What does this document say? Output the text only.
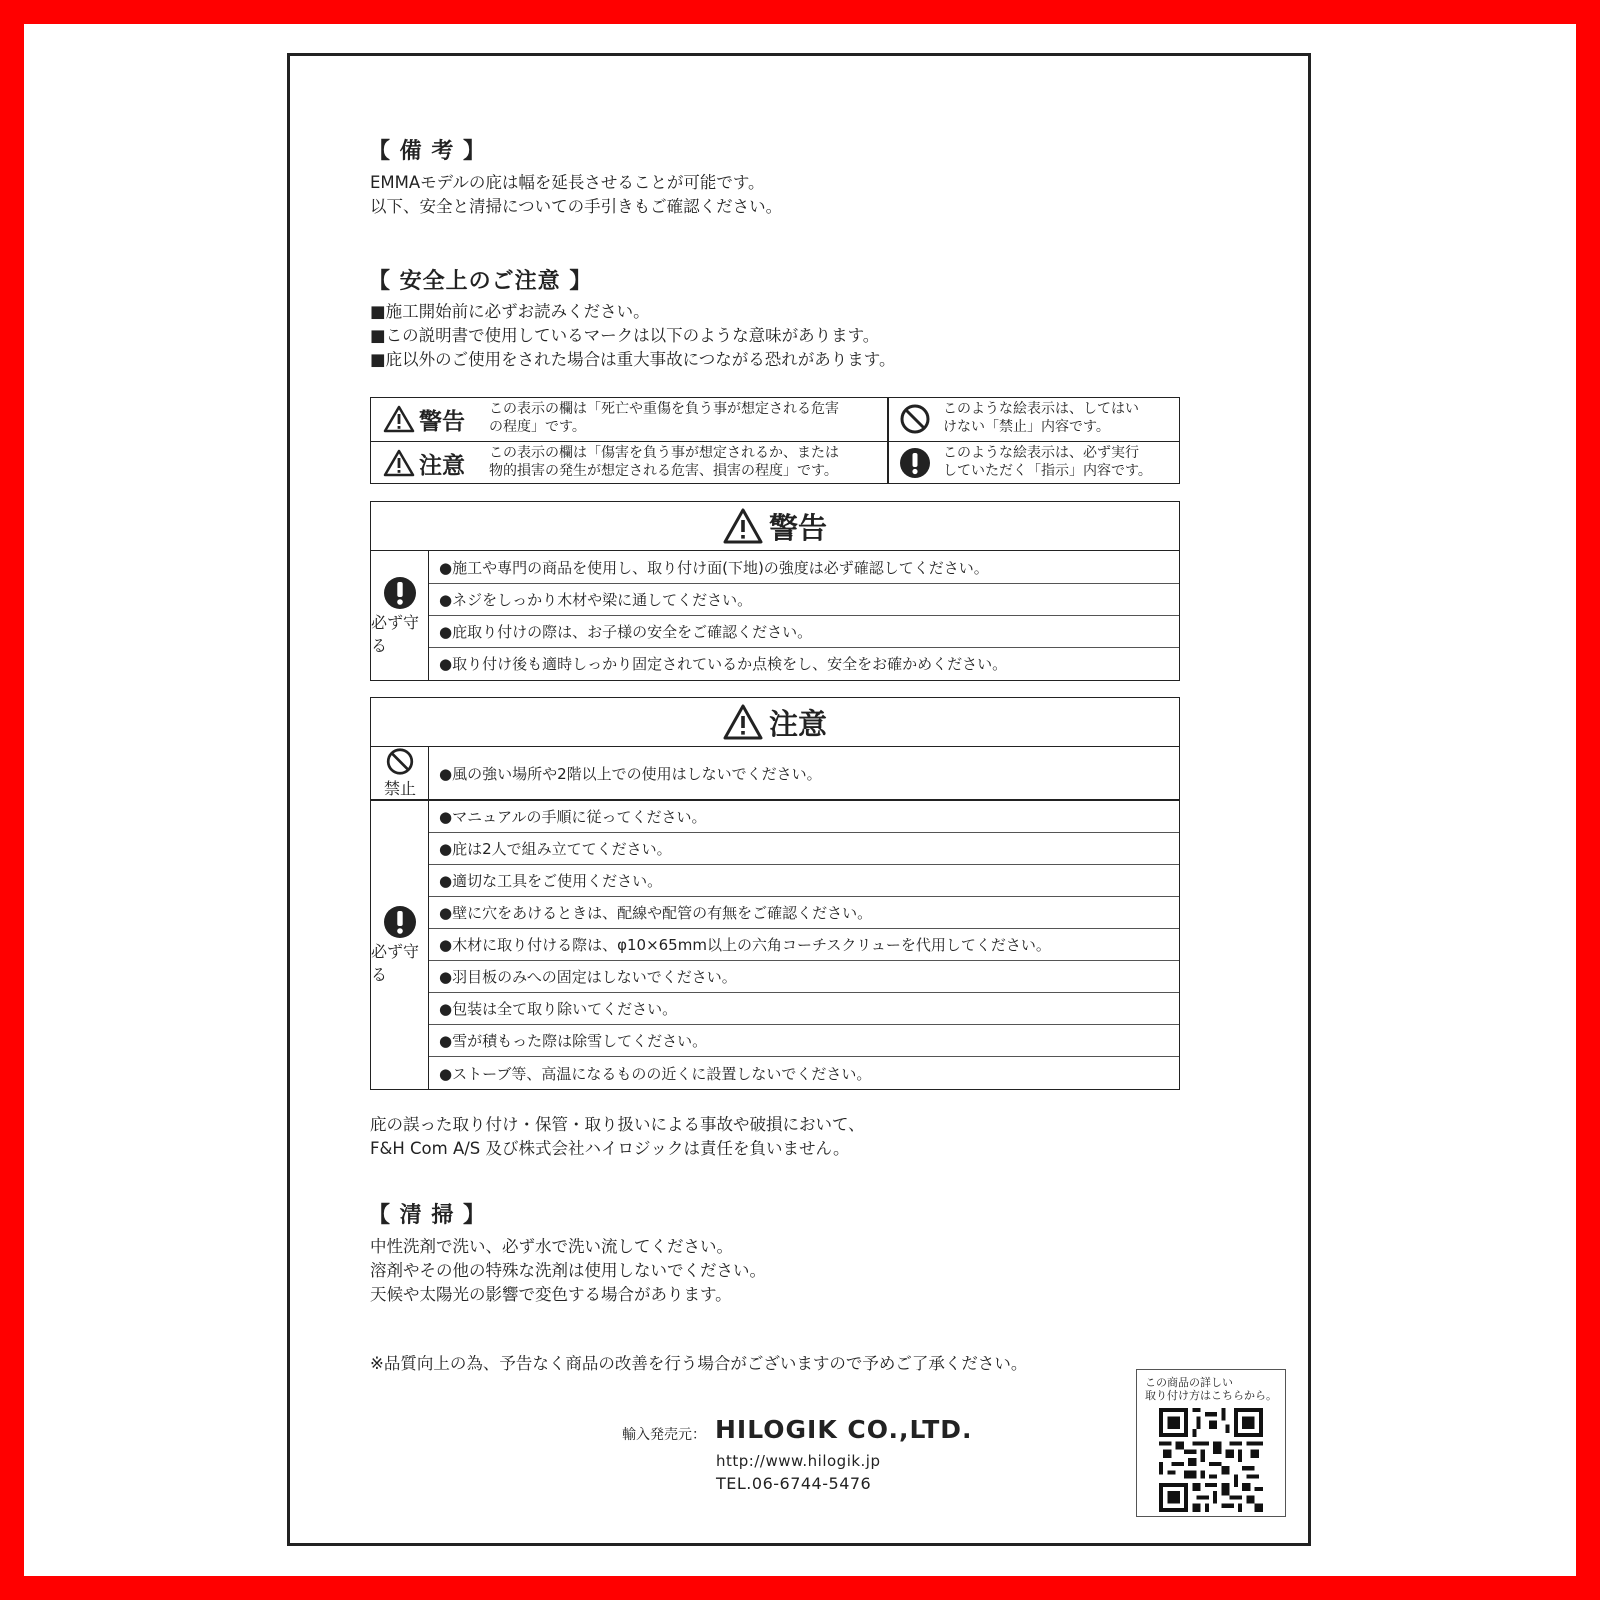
【 備 考 】
EMMAモデルの庇は幅を延長させることが可能です。
以下、安全と清掃についての手引きもご確認ください。
【 安全上のご注意 】
■施工開始前に必ずお読みください。
■この説明書で使用しているマークは以下のような意味があります。
■庇以外のご使用をされた場合は重大事故につながる恐れがあります。
警告 この表示の欄は「死亡や重傷を負う事が想定される危害
の程度」です。
このような絵表示は、してはい
けない「禁止」内容です。
注意 この表示の欄は「傷害を負う事が想定されるか、または
物的損害の発生が想定される危害、損害の程度」です。
このような絵表示は、必ず実行
していただく「指示」内容です。
警告
必ず守る
●施工や専門の商品を使用し、取り付け面(下地)の強度は必ず確認してください。
●ネジをしっかり木材や梁に通してください。
●庇取り付けの際は、お子様の安全をご確認ください。
●取り付け後も適時しっかり固定されているか点検をし、安全をお確かめください。
注意
禁止
●風の強い場所や2階以上での使用はしないでください。
必ず守る
●マニュアルの手順に従ってください。
●庇は2人で組み立ててください。
●適切な工具をご使用ください。
●壁に穴をあけるときは、配線や配管の有無をご確認ください。
●木材に取り付ける際は、φ10×65mm以上の六角コーチスクリューを代用してください。
●羽目板のみへの固定はしないでください。
●包装は全て取り除いてください。
●雪が積もった際は除雪してください。
●ストーブ等、高温になるものの近くに設置しないでください。
庇の誤った取り付け・保管・取り扱いによる事故や破損において、
F&H Com A/S 及び株式会社ハイロジックは責任を負いません。
【 清 掃 】
中性洗剤で洗い、必ず水で洗い流してください。
溶剤やその他の特殊な洗剤は使用しないでください。
天候や太陽光の影響で変色する場合があります。
※品質向上の為、予告なく商品の改善を行う場合がございますので予めご了承ください。
輸入発売元： HILOGIK CO.,LTD.
http://www.hilogik.jp
TEL.06-6744-5476
この商品の詳しい
取り付け方はこちらから。
